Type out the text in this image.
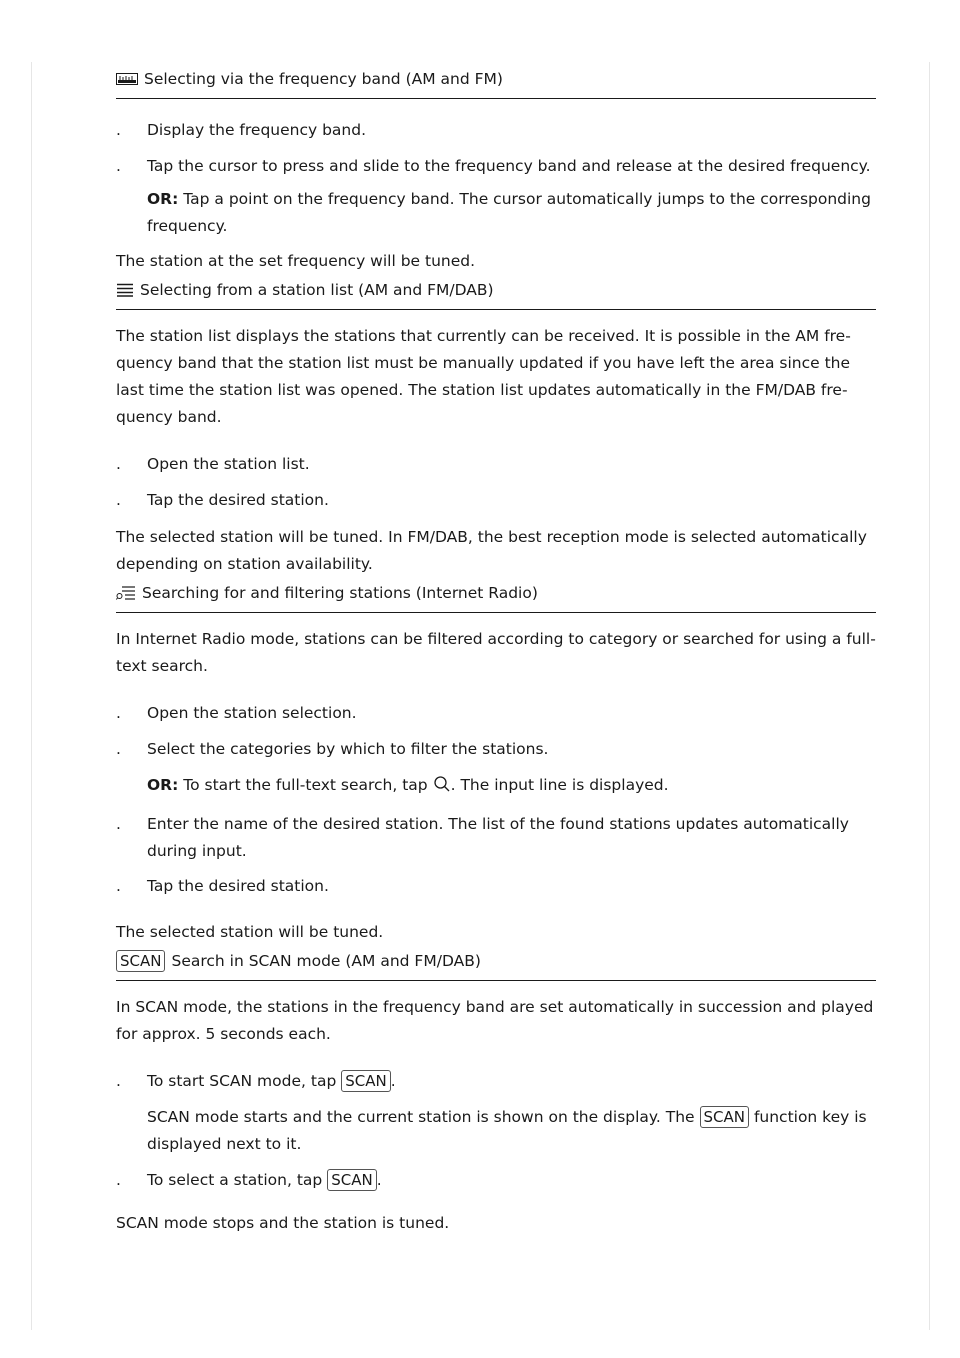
Selecting via the frequency band (AM and FM)
.	Display the frequency band.
.	Tap the cursor to press and slide to the frequency band and release at the desired frequency.
OR: Tap a point on the frequency band. The cursor automatically jumps to the corresponding frequency.

The station at the set frequency will be tuned.

Selecting from a station list (AM and FM/DAB)

The station list displays the stations that currently can be received. It is possible in the AM fre- quency band that the station list must be manually updated if you have left the area since the last time the station list was opened. The station list updates automatically in the FM/DAB fre- quency band.

.	Open the station list.
.	Tap the desired station.

The selected station will be tuned. In FM/DAB, the best reception mode is selected automatically depending on station availability.

Searching for and filtering stations (Internet Radio)

In Internet Radio mode, stations can be filtered according to category or searched for using a full-text search.

.	Open the station selection.
.	Select the categories by which to filter the stations.
OR: To start the full-text search, tap . The input line is displayed.
.	Enter the name of the desired station. The list of the found stations updates automatically during input.
.	Tap the desired station.

The selected station will be tuned.

SCAN Search in SCAN mode (AM and FM/DAB)

In SCAN mode, the stations in the frequency band are set automatically in succession and played for approx. 5 seconds each.

.	To start SCAN mode, tap SCAN .
SCAN mode starts and the current station is shown on the display. The SCAN function key is displayed next to it.
.	To select a station, tap SCAN .

SCAN mode stops and the station is tuned.
